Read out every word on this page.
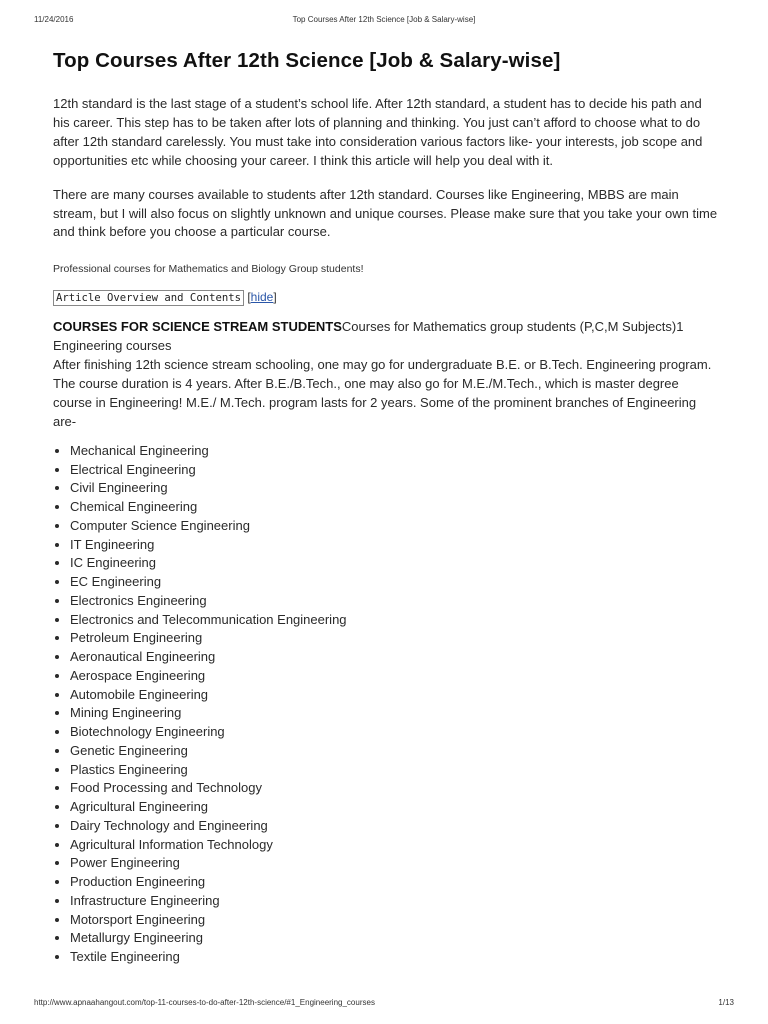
11/24/2016	Top Courses After 12th Science [Job & Salary-wise]
Top Courses After 12th Science [Job & Salary-wise]

12th standard is the last stage of a student’s school life. After 12th standard, a student has to decide his path and his career. This step has to be taken after lots of planning and thinking. You just can’t afford to choose what to do after 12th standard carelessly. You must take into consideration various factors like- your interests, job scope and opportunities etc while choosing your career. I think this article will help you deal with it.

There are many courses available to students after 12th standard. Courses like Engineering, MBBS are main stream, but I will also focus on slightly unknown and unique courses. Please make sure that you take your own time and think before you choose a particular course.

Professional courses for Mathematics and Biology Group students!
Article Overview and Contents [hide]
COURSES FOR SCIENCE STREAM STUDENTSCourses for Mathematics group students (P,C,M Subjects)1 Engineering courses
After finishing 12th science stream schooling, one may go for undergraduate B.E. or B.Tech. Engineering program. The course duration is 4 years. After B.E./B.Tech., one may also go for M.E./M.Tech., which is master degree course in Engineering! M.E./ M.Tech. program lasts for 2 years. Some of the prominent branches of Engineering are-
• Mechanical Engineering
• Electrical Engineering
• Civil Engineering
• Chemical Engineering
• Computer Science Engineering
• IT Engineering
• IC Engineering
• EC Engineering
• Electronics Engineering
• Electronics and Telecommunication Engineering
• Petroleum Engineering
• Aeronautical Engineering
• Aerospace Engineering
• Automobile Engineering
• Mining Engineering
• Biotechnology Engineering
• Genetic Engineering
• Plastics Engineering
• Food Processing and Technology
• Agricultural Engineering
• Dairy Technology and Engineering
• Agricultural Information Technology
• Power Engineering
• Production Engineering
• Infrastructure Engineering
• Motorsport Engineering
• Metallurgy Engineering
• Textile Engineering
http://www.apnaahangout.com/top-11-courses-to-do-after-12th-science/#1_Engineering_courses	1/13
